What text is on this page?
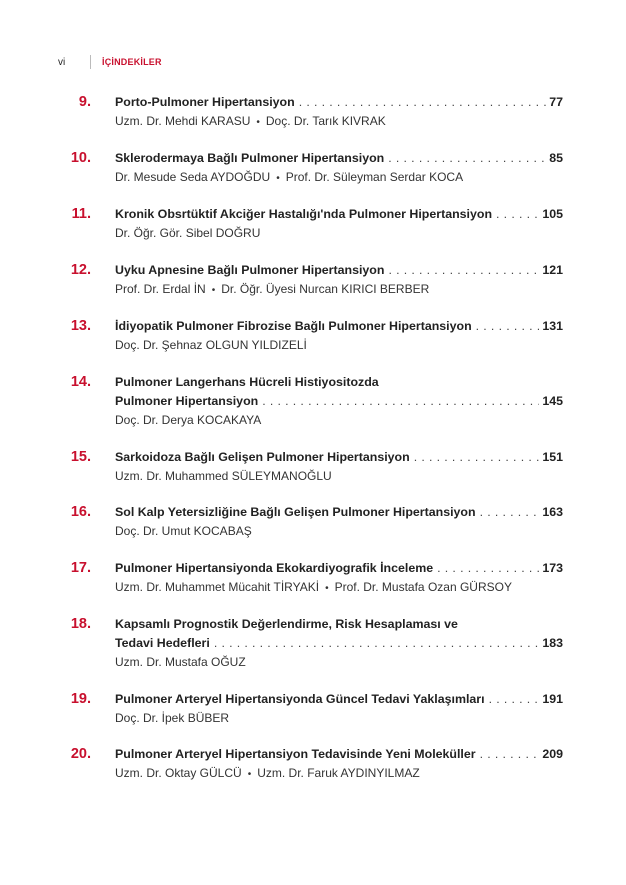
vi	İÇİNDEKİLER
9. Porto-Pulmoner Hipertansiyon .....	77
Uzm. Dr. Mehdi KARASU • Doç. Dr. Tarık KIVRAK
10. Sklerodermaya Bağlı Pulmoner Hipertansiyon .....	85
Dr. Mesude Seda AYDOĞDU • Prof. Dr. Süleyman Serdar KOCA
11. Kronik Obsrtüktif Akciğer Hastalığı'nda Pulmoner Hipertansiyon .....	105
Dr. Öğr. Gör. Sibel DOĞRU
12. Uyku Apnesine Bağlı Pulmoner Hipertansiyon .....	121
Prof. Dr. Erdal İN • Dr. Öğr. Üyesi Nurcan KIRICI BERBER
13. İdiyopatik Pulmoner Fibrozise Bağlı Pulmoner Hipertansiyon .....	131
Doç. Dr. Şehnaz OLGUN YILDIZELİ
14. Pulmoner Langerhans Hücreli Histiyositozda
Pulmoner Hipertansiyon .....	145
Doç. Dr. Derya KOCAKAYA
15. Sarkoidoza Bağlı Gelişen Pulmoner Hipertansiyon .....	151
Uzm. Dr. Muhammed SÜLEYMANOĞLU
16. Sol Kalp Yetersizliğine Bağlı Gelişen Pulmoner Hipertansiyon .....	163
Doç. Dr. Umut KOCABAŞ
17. Pulmoner Hipertansiyonda Ekokardiyografik İnceleme .....	173
Uzm. Dr. Muhammet Mücahit TİRYAKİ • Prof. Dr. Mustafa Ozan GÜRSOY
18. Kapsamlı Prognostik Değerlendirme, Risk Hesaplaması ve
Tedavi Hedefleri .....	183
Uzm. Dr. Mustafa OĞUZ
19. Pulmoner Arteryel Hipertansiyonda Güncel Tedavi Yaklaşımları .....	191
Doç. Dr. İpek BÜBER
20. Pulmoner Arteryel Hipertansiyon Tedavisinde Yeni Moleküller .....	209
Uzm. Dr. Oktay GÜLCÜ • Uzm. Dr. Faruk AYDINYILMAZ
